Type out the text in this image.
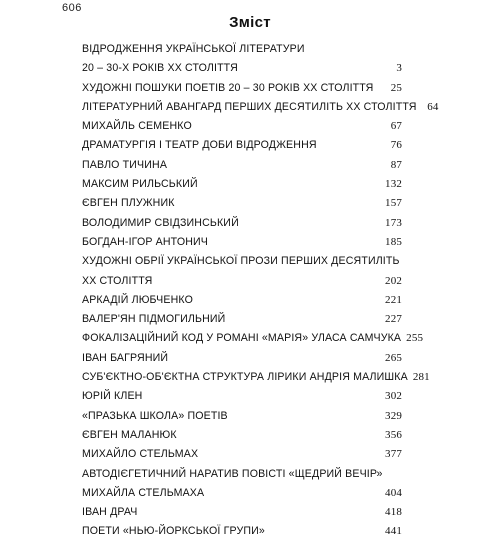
606
Зміст
ВІДРОДЖЕННЯ УКРАЇНСЬКОЇ ЛІТЕРАТУРИ
20 – 30-Х РОКІВ ХХ СТОЛІТТЯ	3
ХУДОЖНІ ПОШУКИ ПОЕТІВ 20 – 30 РОКІВ ХХ СТОЛІТТЯ	25
ЛІТЕРАТУРНИЙ АВАНГАРД ПЕРШИХ ДЕСЯТИЛІТЬ ХХ СТОЛІТТЯ 64
МИХАЙЛЬ СЕМЕНКО	67
ДРАМАТУРГІЯ І ТЕАТР ДОБИ ВІДРОДЖЕННЯ	76
ПАВЛО ТИЧИНА	87
МАКСИМ РИЛЬСЬКИЙ	132
ЄВГЕН ПЛУЖНИК	157
ВОЛОДИМИР СВІДЗИНСЬКИЙ	173
БОГДАН-ІГОР АНТОНИЧ	185
ХУДОЖНІ ОБРІЇ УКРАЇНСЬКОЇ ПРОЗИ ПЕРШИХ ДЕСЯТИЛІТЬ
ХХ СТОЛІТТЯ	202
АРКАДІЙ ЛЮБЧЕНКО	221
ВАЛЕР'ЯН ПІДМОГИЛЬНИЙ	227
ФОКАЛІЗАЦІЙНИЙ КОД У РОМАНІ «МАРІЯ» УЛАСА САМЧУКА 255
ІВАН БАГРЯНИЙ	265
СУБ'ЄКТНО-ОБ'ЄКТНА СТРУКТУРА ЛІРИКИ АНДРІЯ МАЛИШКА 281
ЮРІЙ КЛЕН	302
«ПРАЗЬКА ШКОЛА» ПОЕТІВ	329
ЄВГЕН МАЛАНЮК	356
МИХАЙЛО СТЕЛЬМАХ	377
АВТОДІЄГЕТИЧНИЙ НАРАТИВ ПОВІСТІ «ЩЕДРИЙ ВЕЧІР»
МИХАЙЛА СТЕЛЬМАХА	404
ІВАН ДРАЧ	418
ПОЕТИ «НЬЮ-ЙОРКСЬКОЇ ГРУПИ»	441
